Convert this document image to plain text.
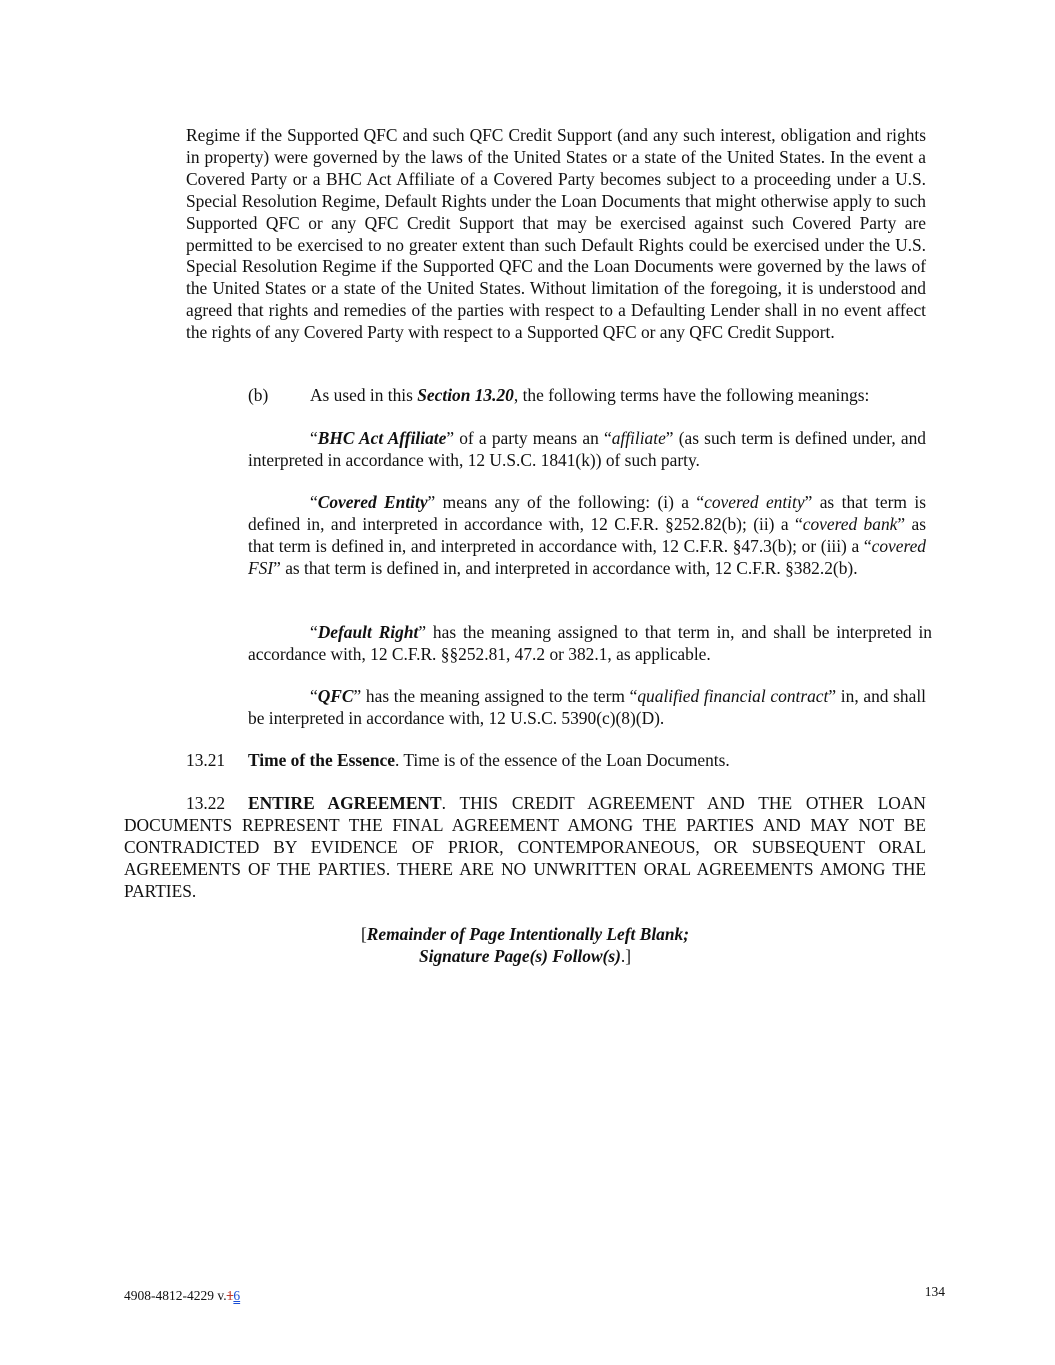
Regime if the Supported QFC and such QFC Credit Support (and any such interest, obligation and rights in property) were governed by the laws of the United States or a state of the United States. In the event a Covered Party or a BHC Act Affiliate of a Covered Party becomes subject to a proceeding under a U.S. Special Resolution Regime, Default Rights under the Loan Documents that might otherwise apply to such Supported QFC or any QFC Credit Support that may be exercised against such Covered Party are permitted to be exercised to no greater extent than such Default Rights could be exercised under the U.S. Special Resolution Regime if the Supported QFC and the Loan Documents were governed by the laws of the United States or a state of the United States. Without limitation of the foregoing, it is understood and agreed that rights and remedies of the parties with respect to a Defaulting Lender shall in no event affect the rights of any Covered Party with respect to a Supported QFC or any QFC Credit Support.

(b) As used in this Section 13.20, the following terms have the following meanings:

“BHC Act Affiliate” of a party means an “affiliate” (as such term is defined under, and interpreted in accordance with, 12 U.S.C. 1841(k)) of such party.

“Covered Entity” means any of the following: (i) a “covered entity” as that term is defined in, and interpreted in accordance with, 12 C.F.R. §252.82(b); (ii) a “covered bank” as that term is defined in, and interpreted in accordance with, 12 C.F.R. §47.3(b); or (iii) a “covered FSI” as that term is defined in, and interpreted in accordance with, 12 C.F.R. §382.2(b).

“Default Right” has the meaning assigned to that term in, and shall be interpreted in accordance with, 12 C.F.R. §§252.81, 47.2 or 382.1, as applicable.

“QFC” has the meaning assigned to the term “qualified financial contract” in, and shall be interpreted in accordance with, 12 U.S.C. 5390(c)(8)(D).

13.21 Time of the Essence. Time is of the essence of the Loan Documents.

13.22 ENTIRE AGREEMENT. THIS CREDIT AGREEMENT AND THE OTHER LOAN DOCUMENTS REPRESENT THE FINAL AGREEMENT AMONG THE PARTIES AND MAY NOT BE CONTRADICTED BY EVIDENCE OF PRIOR, CONTEMPORANEOUS, OR SUBSEQUENT ORAL AGREEMENTS OF THE PARTIES. THERE ARE NO UNWRITTEN ORAL AGREEMENTS AMONG THE PARTIES.

[Remainder of Page Intentionally Left Blank;
Signature Page(s) Follow(s).]
4908-4812-4229 v.16	134
